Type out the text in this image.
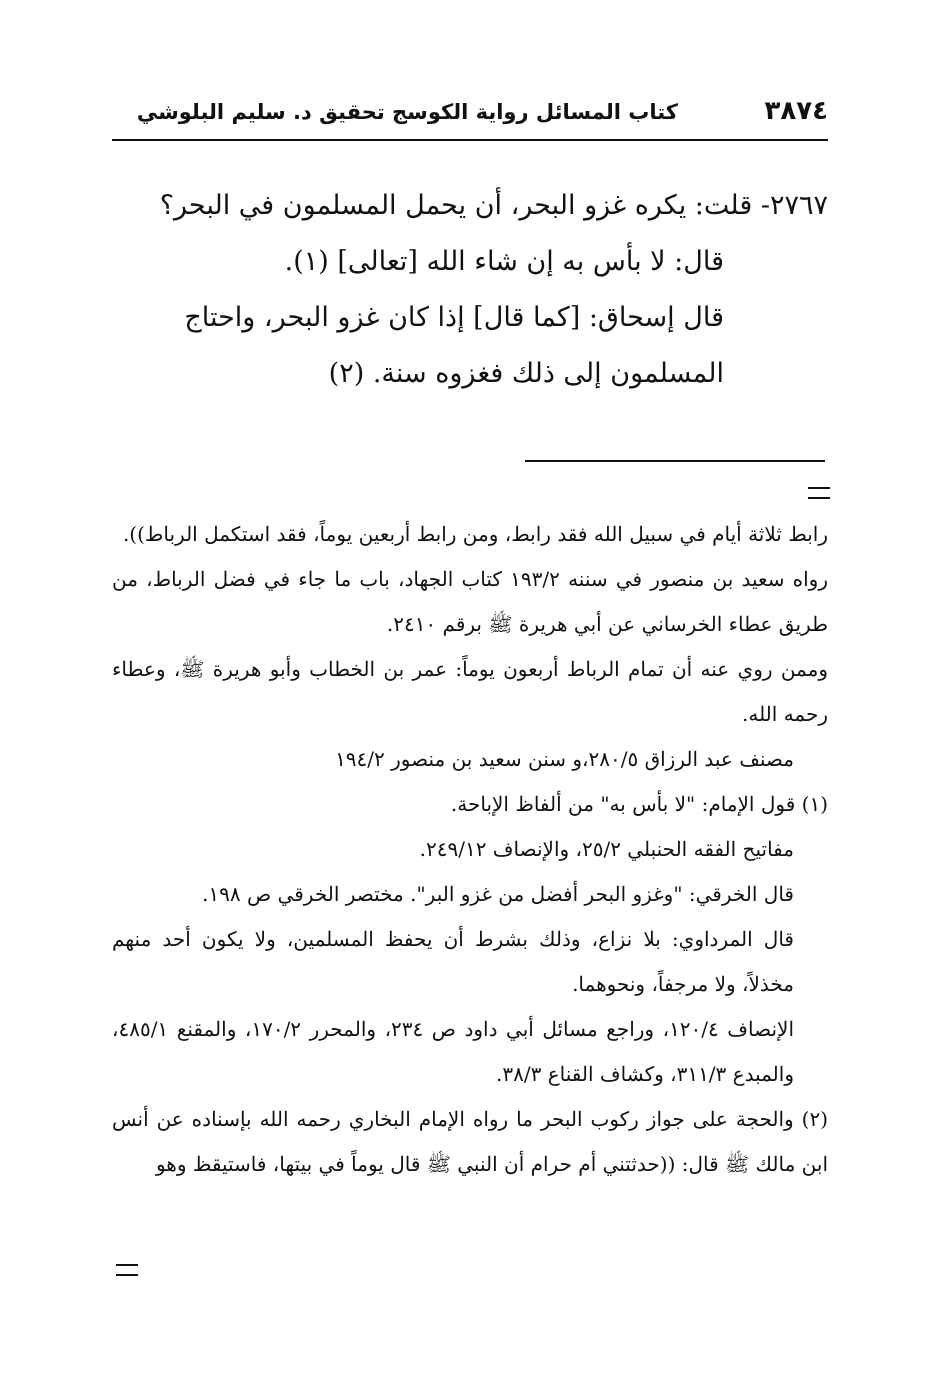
٣٨٧٤
كتاب المسائل رواية الكوسج تحقيق د. سليم البلوشي

٢٧٦٧- قلت: يكره غزو البحر، أن يحمل المسلمون في البحر؟

قال: لا بأس به إن شاء الله [تعالى] (١).

قال إسحاق: [كما قال] إذا كان غزو البحر، واحتاج المسلمون إلى ذلك فغزوه سنة. (٢)

رابط ثلاثة أيام في سبيل الله فقد رابط، ومن رابط أربعين يوماً، فقد استكمل الرباط)).

رواه سعيد بن منصور في سننه ١٩٣/٢ كتاب الجهاد، باب ما جاء في فضل الرباط، من طريق عطاء الخرساني عن أبي هريرة ﷺ برقم ٢٤١٠.

وممن روي عنه أن تمام الرباط أربعون يوماً: عمر بن الخطاب وأبو هريرة ﷺ، وعطاء رحمه الله.

مصنف عبد الرزاق ٢٨٠/٥،و سنن سعيد بن منصور ١٩٤/٢

(١) قول الإمام: "لا بأس به" من ألفاظ الإباحة.

مفاتيح الفقه الحنبلي ٢٥/٢، والإنصاف ٢٤٩/١٢.

قال الخرقي: "وغزو البحر أفضل من غزو البر". مختصر الخرقي ص ١٩٨.

قال المرداوي: بلا نزاع، وذلك بشرط أن يحفظ المسلمين، ولا يكون أحد منهم مخذلاً، ولا مرجفاً، ونحوهما.

الإنصاف ١٢٠/٤، وراجع مسائل أبي داود ص ٢٣٤، والمحرر ١٧٠/٢، والمقنع ٤٨٥/١، والمبدع ٣١١/٣، وكشاف القناع ٣٨/٣.

(٢) والحجة على جواز ركوب البحر ما رواه الإمام البخاري رحمه الله بإسناده عن أنس ابن مالك ﷺ قال: ((حدثتني أم حرام أن النبي ﷺ قال يوماً في بيتها، فاستيقظ وهو
